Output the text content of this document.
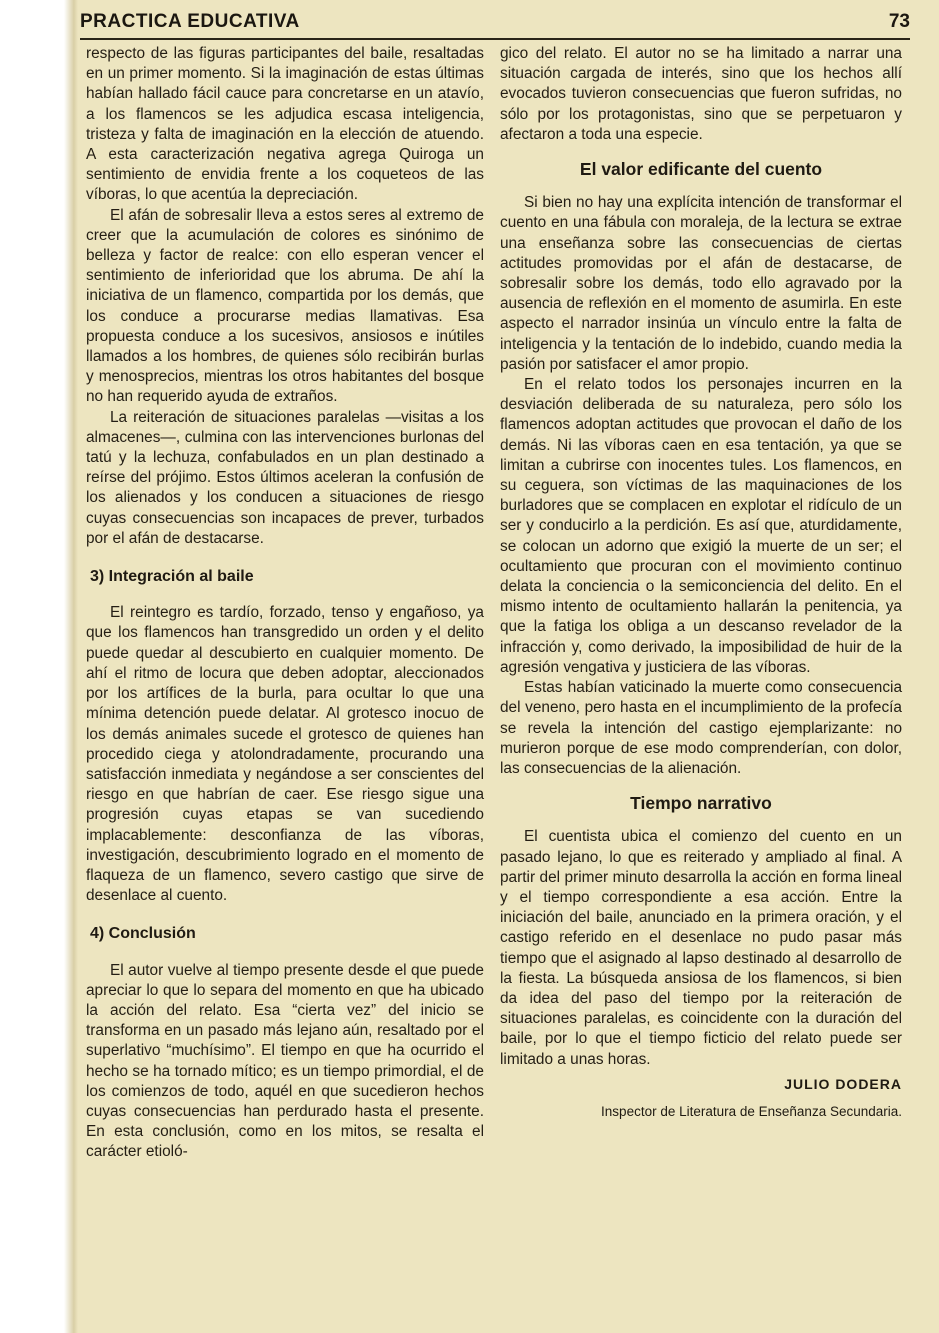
PRACTICA EDUCATIVA	73

respecto de las figuras participantes del baile, resaltadas en un primer momento. Si la imaginación de estas últimas habían hallado fácil cauce para concretarse en un atavío, a los flamencos se les adjudica escasa inteligencia, tristeza y falta de imaginación en la elección de atuendo. A esta caracterización negativa agrega Quiroga un sentimiento de envidia frente a los coqueteos de las víboras, lo que acentúa la depreciación.

El afán de sobresalir lleva a estos seres al extremo de creer que la acumulación de colores es sinónimo de belleza y factor de realce: con ello esperan vencer el sentimiento de inferioridad que los abruma. De ahí la iniciativa de un flamenco, compartida por los demás, que los conduce a procurarse medias llamativas. Esa propuesta conduce a los sucesivos, ansiosos e inútiles llamados a los hombres, de quienes sólo recibirán burlas y menosprecios, mientras los otros habitantes del bosque no han requerido ayuda de extraños.

La reiteración de situaciones paralelas —visitas a los almacenes—, culmina con las intervenciones burlonas del tatú y la lechuza, confabulados en un plan destinado a reírse del prójimo. Estos últimos aceleran la confusión de los alienados y los conducen a situaciones de riesgo cuyas consecuencias son incapaces de prever, turbados por el afán de destacarse.

3) Integración al baile

El reintegro es tardío, forzado, tenso y engañoso, ya que los flamencos han transgredido un orden y el delito puede quedar al descubierto en cualquier momento. De ahí el ritmo de locura que deben adoptar, aleccionados por los artífices de la burla, para ocultar lo que una mínima detención puede delatar. Al grotesco inocuo de los demás animales sucede el grotesco de quienes han procedido ciega y atolondradamente, procurando una satisfacción inmediata y negándose a ser conscientes del riesgo en que habrían de caer. Ese riesgo sigue una progresión cuyas etapas se van sucediendo implacablemente: desconfianza de las víboras, investigación, descubrimiento logrado en el momento de flaqueza de un flamenco, severo castigo que sirve de desenlace al cuento.

4) Conclusión

El autor vuelve al tiempo presente desde el que puede apreciar lo que lo separa del momento en que ha ubicado la acción del relato. Esa “cierta vez” del inicio se transforma en un pasado más lejano aún, resaltado por el superlativo “muchísimo”. El tiempo en que ha ocurrido el hecho se ha tornado mítico; es un tiempo primordial, el de los comienzos de todo, aquél en que sucedieron hechos cuyas consecuencias han perdurado hasta el presente. En esta conclusión, como en los mitos, se resalta el carácter etioló-

gico del relato. El autor no se ha limitado a narrar una situación cargada de interés, sino que los hechos allí evocados tuvieron consecuencias que fueron sufridas, no sólo por los protagonistas, sino que se perpetuaron y afectaron a toda una especie.

El valor edificante del cuento

Si bien no hay una explícita intención de transformar el cuento en una fábula con moraleja, de la lectura se extrae una enseñanza sobre las consecuencias de ciertas actitudes promovidas por el afán de destacarse, de sobresalir sobre los demás, todo ello agravado por la ausencia de reflexión en el momento de asumirla. En este aspecto el narrador insinúa un vínculo entre la falta de inteligencia y la tentación de lo indebido, cuando media la pasión por satisfacer el amor propio.

En el relato todos los personajes incurren en la desviación deliberada de su naturaleza, pero sólo los flamencos adoptan actitudes que provocan el daño de los demás. Ni las víboras caen en esa tentación, ya que se limitan a cubrirse con inocentes tules. Los flamencos, en su ceguera, son víctimas de las maquinaciones de los burladores que se complacen en explotar el ridículo de un ser y conducirlo a la perdición. Es así que, aturdidamente, se colocan un adorno que exigió la muerte de un ser; el ocultamiento que procuran con el movimiento continuo delata la conciencia o la semiconciencia del delito. En el mismo intento de ocultamiento hallarán la penitencia, ya que la fatiga los obliga a un descanso revelador de la infracción y, como derivado, la imposibilidad de huir de la agresión vengativa y justiciera de las víboras.

Estas habían vaticinado la muerte como consecuencia del veneno, pero hasta en el incumplimiento de la profecía se revela la intención del castigo ejemplarizante: no murieron porque de ese modo comprenderían, con dolor, las consecuencias de la alienación.

Tiempo narrativo

El cuentista ubica el comienzo del cuento en un pasado lejano, lo que es reiterado y ampliado al final. A partir del primer minuto desarrolla la acción en forma lineal y el tiempo correspondiente a esa acción. Entre la iniciación del baile, anunciado en la primera oración, y el castigo referido en el desenlace no pudo pasar más tiempo que el asignado al lapso destinado al desarrollo de la fiesta. La búsqueda ansiosa de los flamencos, si bien da idea del paso del tiempo por la reiteración de situaciones paralelas, es coincidente con la duración del baile, por lo que el tiempo ficticio del relato puede ser limitado a unas horas.

JULIO DODERA
Inspector de Literatura de Enseñanza Secundaria.
